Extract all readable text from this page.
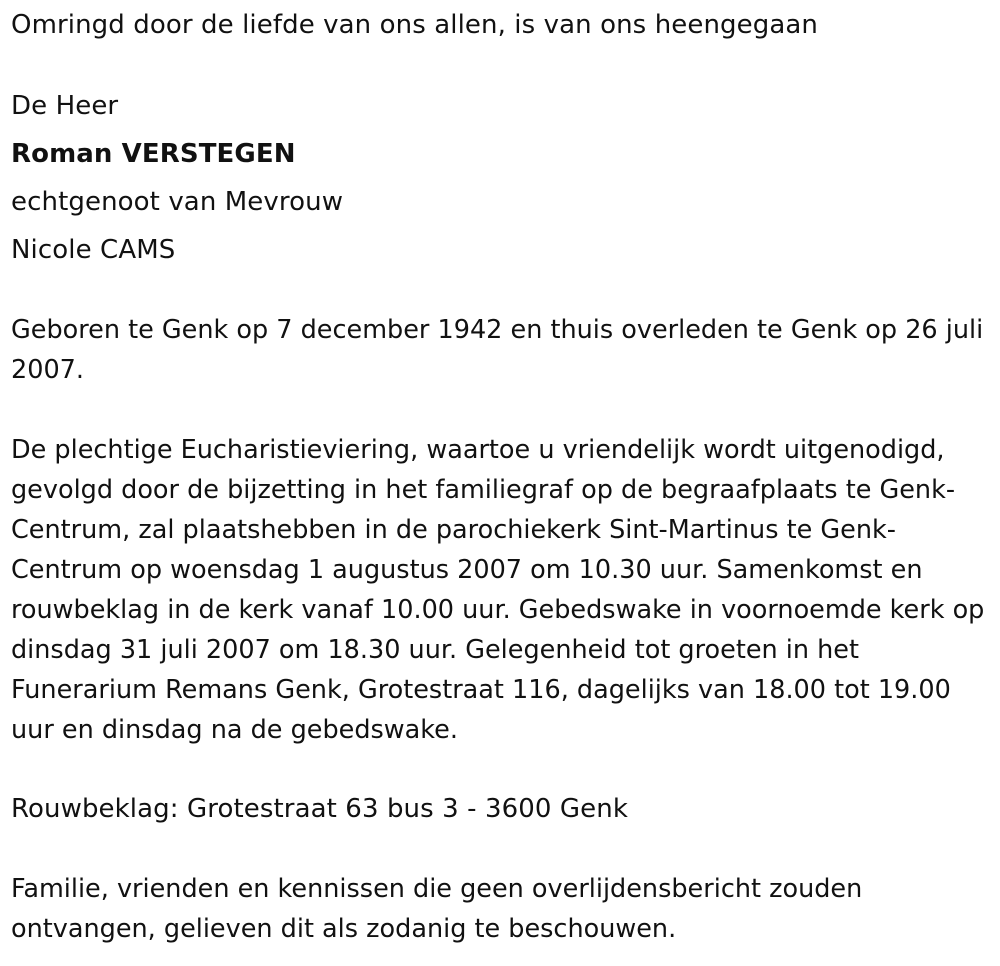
Omringd door de liefde van ons allen, is van ons heengegaan
De Heer
Roman VERSTEGEN
echtgenoot van Mevrouw
Nicole CAMS
Geboren te Genk op 7 december 1942 en thuis overleden te Genk op 26 juli 2007.
De plechtige Eucharistieviering, waartoe u vriendelijk wordt uitgenodigd, gevolgd door de bijzetting in het familiegraf op de begraafplaats te Genk-Centrum, zal plaatshebben in de parochiekerk Sint-Martinus te Genk-Centrum op woensdag 1 augustus 2007 om 10.30 uur. Samenkomst en rouwbeklag in de kerk vanaf 10.00 uur. Gebedswake in voornoemde kerk op dinsdag 31 juli 2007 om 18.30 uur. Gelegenheid tot groeten in het Funerarium Remans Genk, Grotestraat 116, dagelijks van 18.00 tot 19.00 uur en dinsdag na de gebedswake.
Rouwbeklag: Grotestraat 63 bus 3 - 3600 Genk
Familie, vrienden en kennissen die geen overlijdensbericht zouden ontvangen, gelieven dit als zodanig te beschouwen.
